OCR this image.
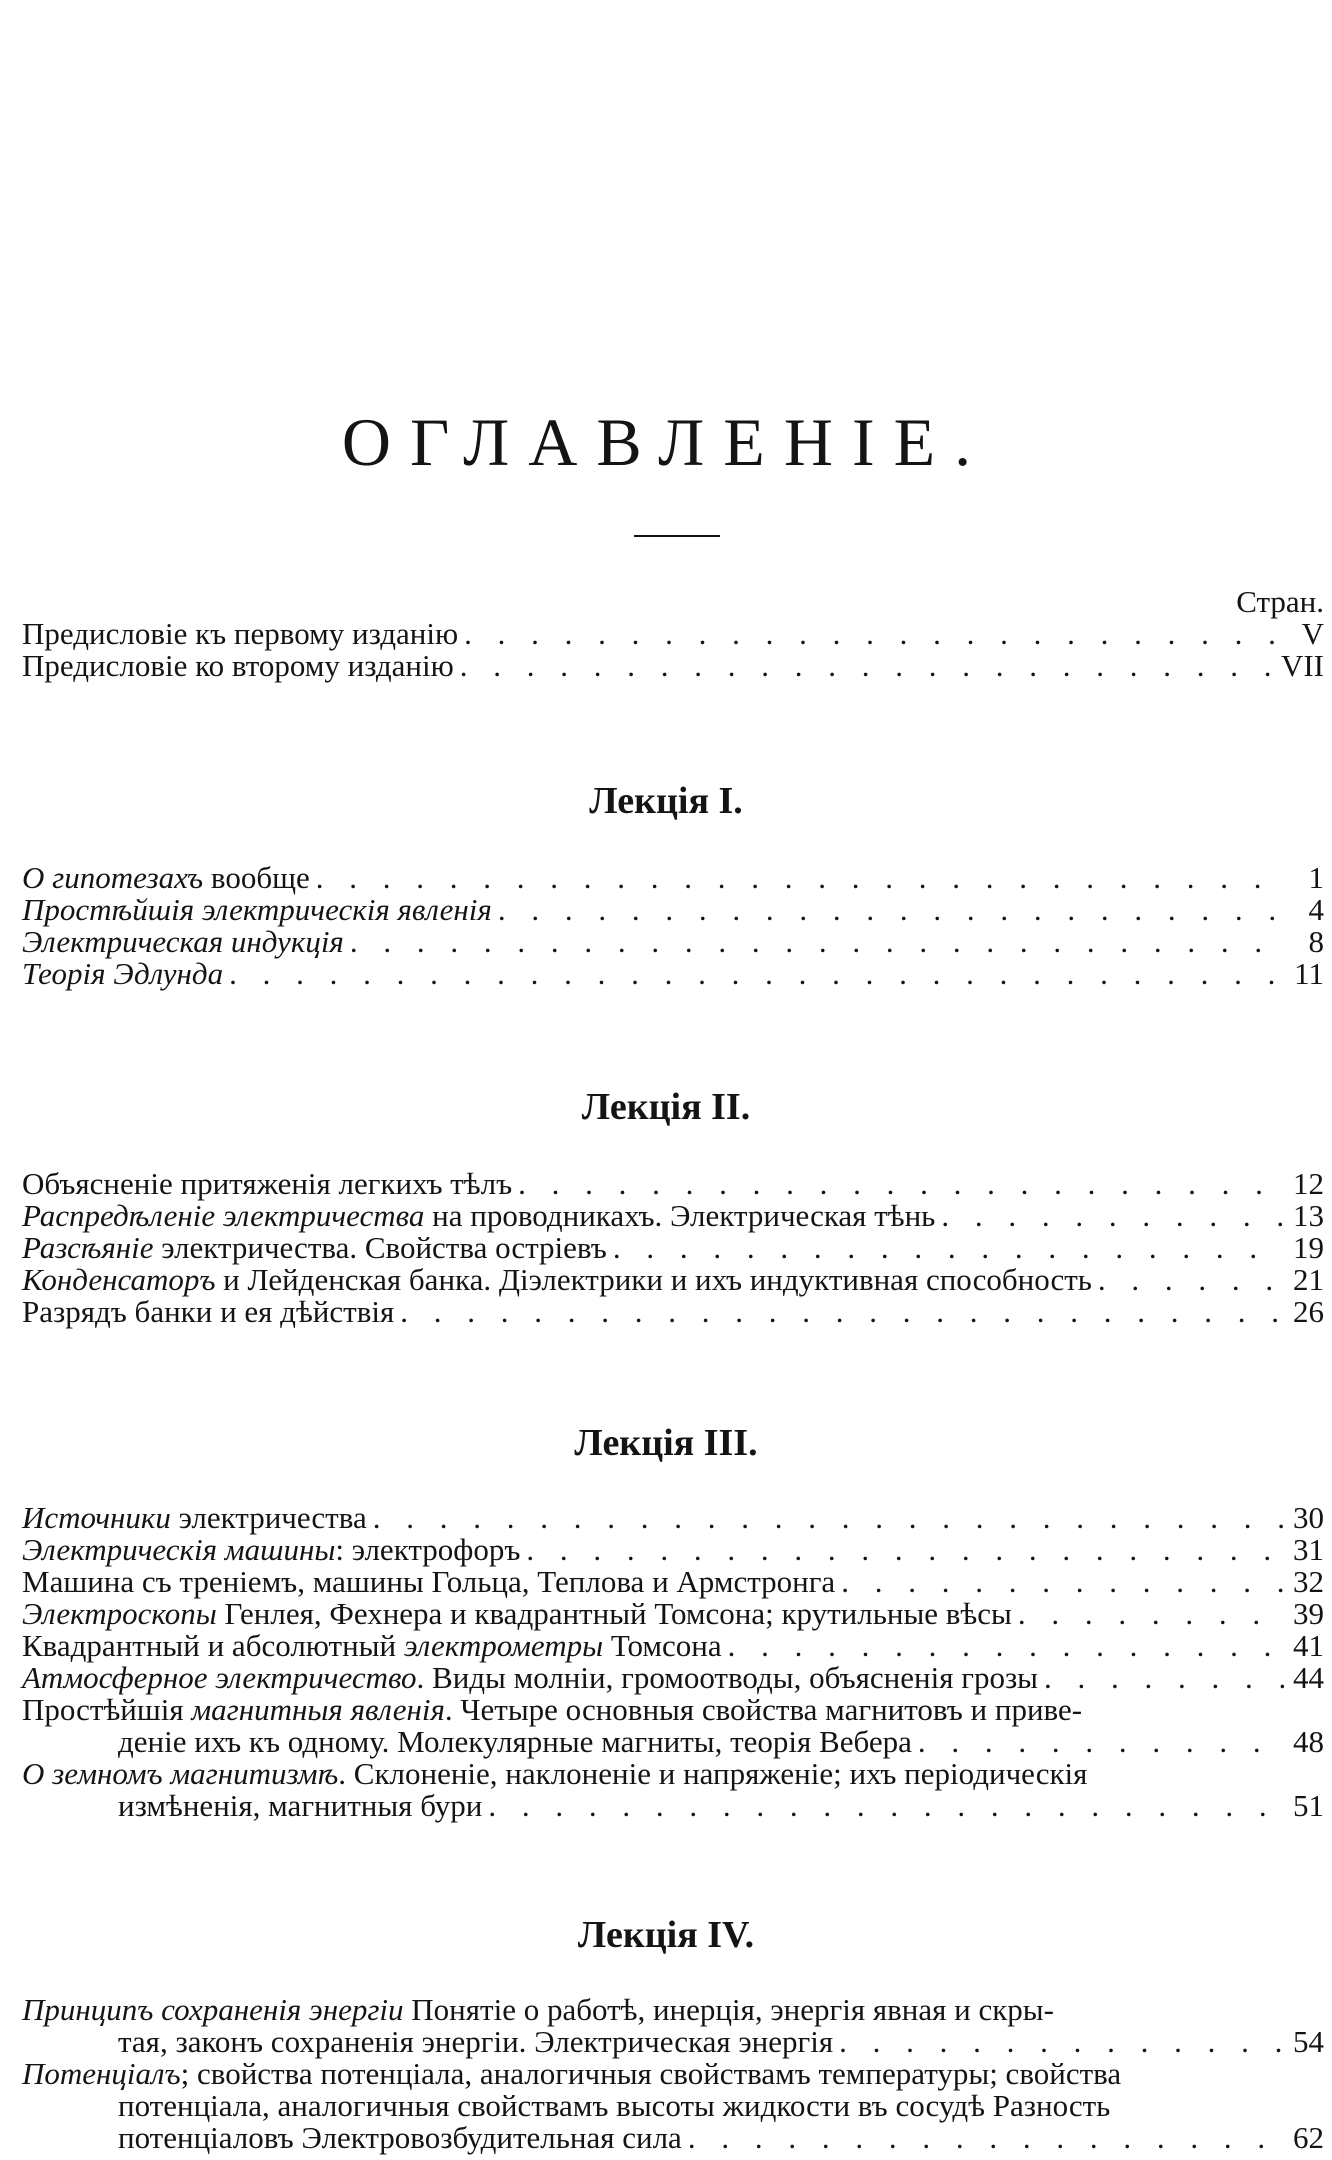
ОГЛАВЛЕНІЕ.
Стран.
Предисловіе къ первому изданію . . .	V
Предисловіе ко второму изданію . . .	VII
Лекція I.
О гипотезахъ вообще . . .	1
Простѣйшія электрическія явленія . . .	4
Электрическая индукція . . .	8
Теорія Эдлунда . . .	11
Лекція II.
Объясненіе притяженія легкихъ тѣлъ . . .	12
Распредѣленіе электричества на проводникахъ. Электрическая тѣнь . . .	13
Разсѣяніе электричества. Свойства остріевъ . . .	19
Конденсаторъ и Лейденская банка. Діэлектрики и ихъ индуктивная способность . . .	21
Разрядъ банки и ея дѣйствія . . .	26
Лекція III.
Источники электричества . . .	30
Электрическія машины: электрофоръ . . .	31
Машина съ треніемъ, машины Гольца, Теплова и Армстронга . . .	32
Электроскопы Генлея, Фехнера и квадрантный Томсона; крутильные вѣсы . . .	39
Квадрантный и абсолютный электрометры Томсона . . .	41
Атмосферное электричество. Виды молніи, громоотводы, объясненія грозы . . .	44
Простѣйшія магнитныя явленія. Четыре основныя свойства магнитовъ и приве-
деніе ихъ къ одному. Молекулярные магниты, теорія Вебера . . .	48
О земномъ магнитизмѣ. Склоненіе, наклоненіе и напряженіе; ихъ періодическія
измѣненія, магнитныя бури . . .	51
Лекція IV.
Принципъ сохраненія энергіи Понятіе о работѣ, инерція, энергія явная и скры-
тая, законъ сохраненія энергіи. Электрическая энергія . . .	54
Потенціалъ; свойства потенціала, аналогичныя свойствамъ температуры; свойства
потенціала, аналогичныя свойствамъ высоты жидкости въ сосудѣ Разность
потенціаловъ Электровозбудительная сила . . .	62
